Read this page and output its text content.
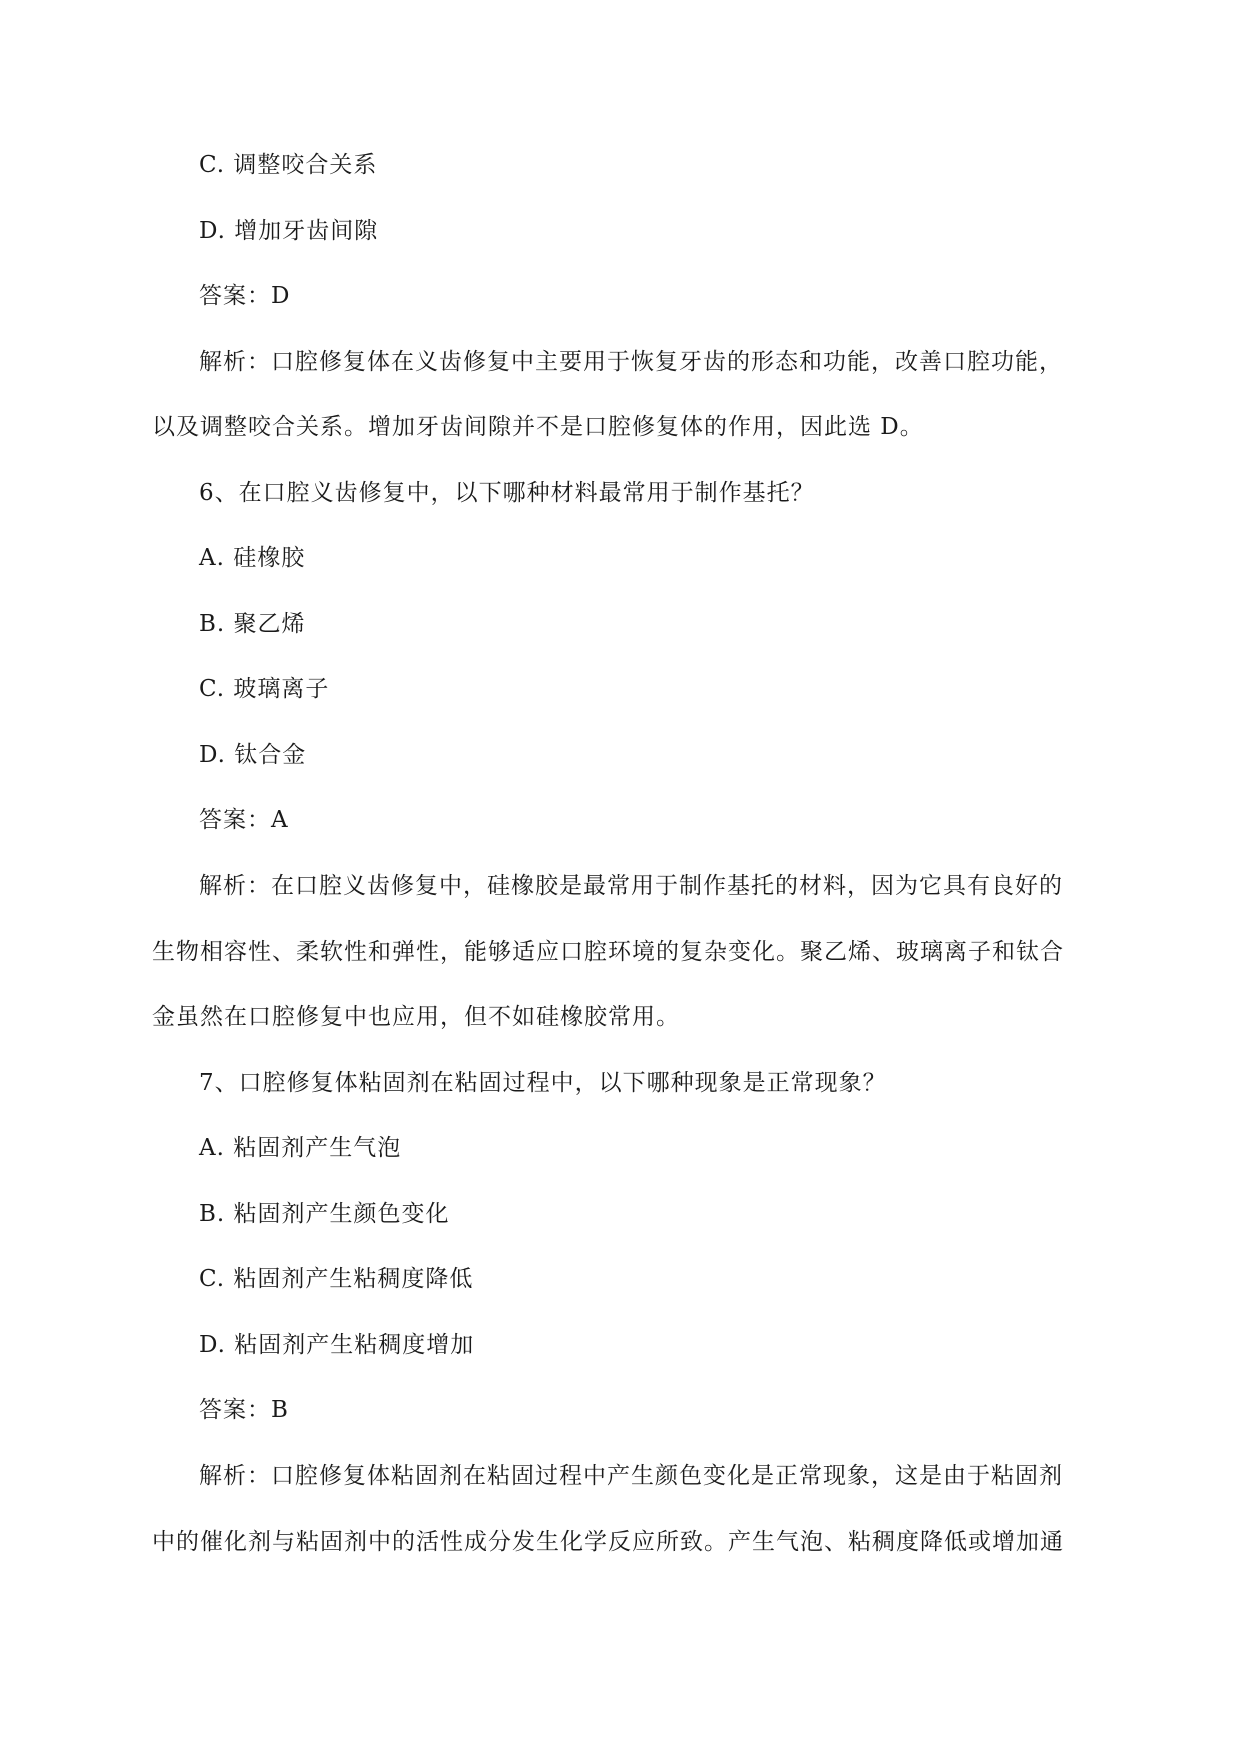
C. 调整咬合关系
D. 增加牙齿间隙
答案：D
解析：口腔修复体在义齿修复中主要用于恢复牙齿的形态和功能，改善口腔功能，
以及调整咬合关系。增加牙齿间隙并不是口腔修复体的作用，因此选 D。
6、在口腔义齿修复中，以下哪种材料最常用于制作基托？
A. 硅橡胶
B. 聚乙烯
C. 玻璃离子
D. 钛合金
答案：A
解析：在口腔义齿修复中，硅橡胶是最常用于制作基托的材料，因为它具有良好的
生物相容性、柔软性和弹性，能够适应口腔环境的复杂变化。聚乙烯、玻璃离子和钛合
金虽然在口腔修复中也应用，但不如硅橡胶常用。
7、口腔修复体粘固剂在粘固过程中，以下哪种现象是正常现象？
A. 粘固剂产生气泡
B. 粘固剂产生颜色变化
C. 粘固剂产生粘稠度降低
D. 粘固剂产生粘稠度增加
答案：B
解析：口腔修复体粘固剂在粘固过程中产生颜色变化是正常现象，这是由于粘固剂
中的催化剂与粘固剂中的活性成分发生化学反应所致。产生气泡、粘稠度降低或增加通
